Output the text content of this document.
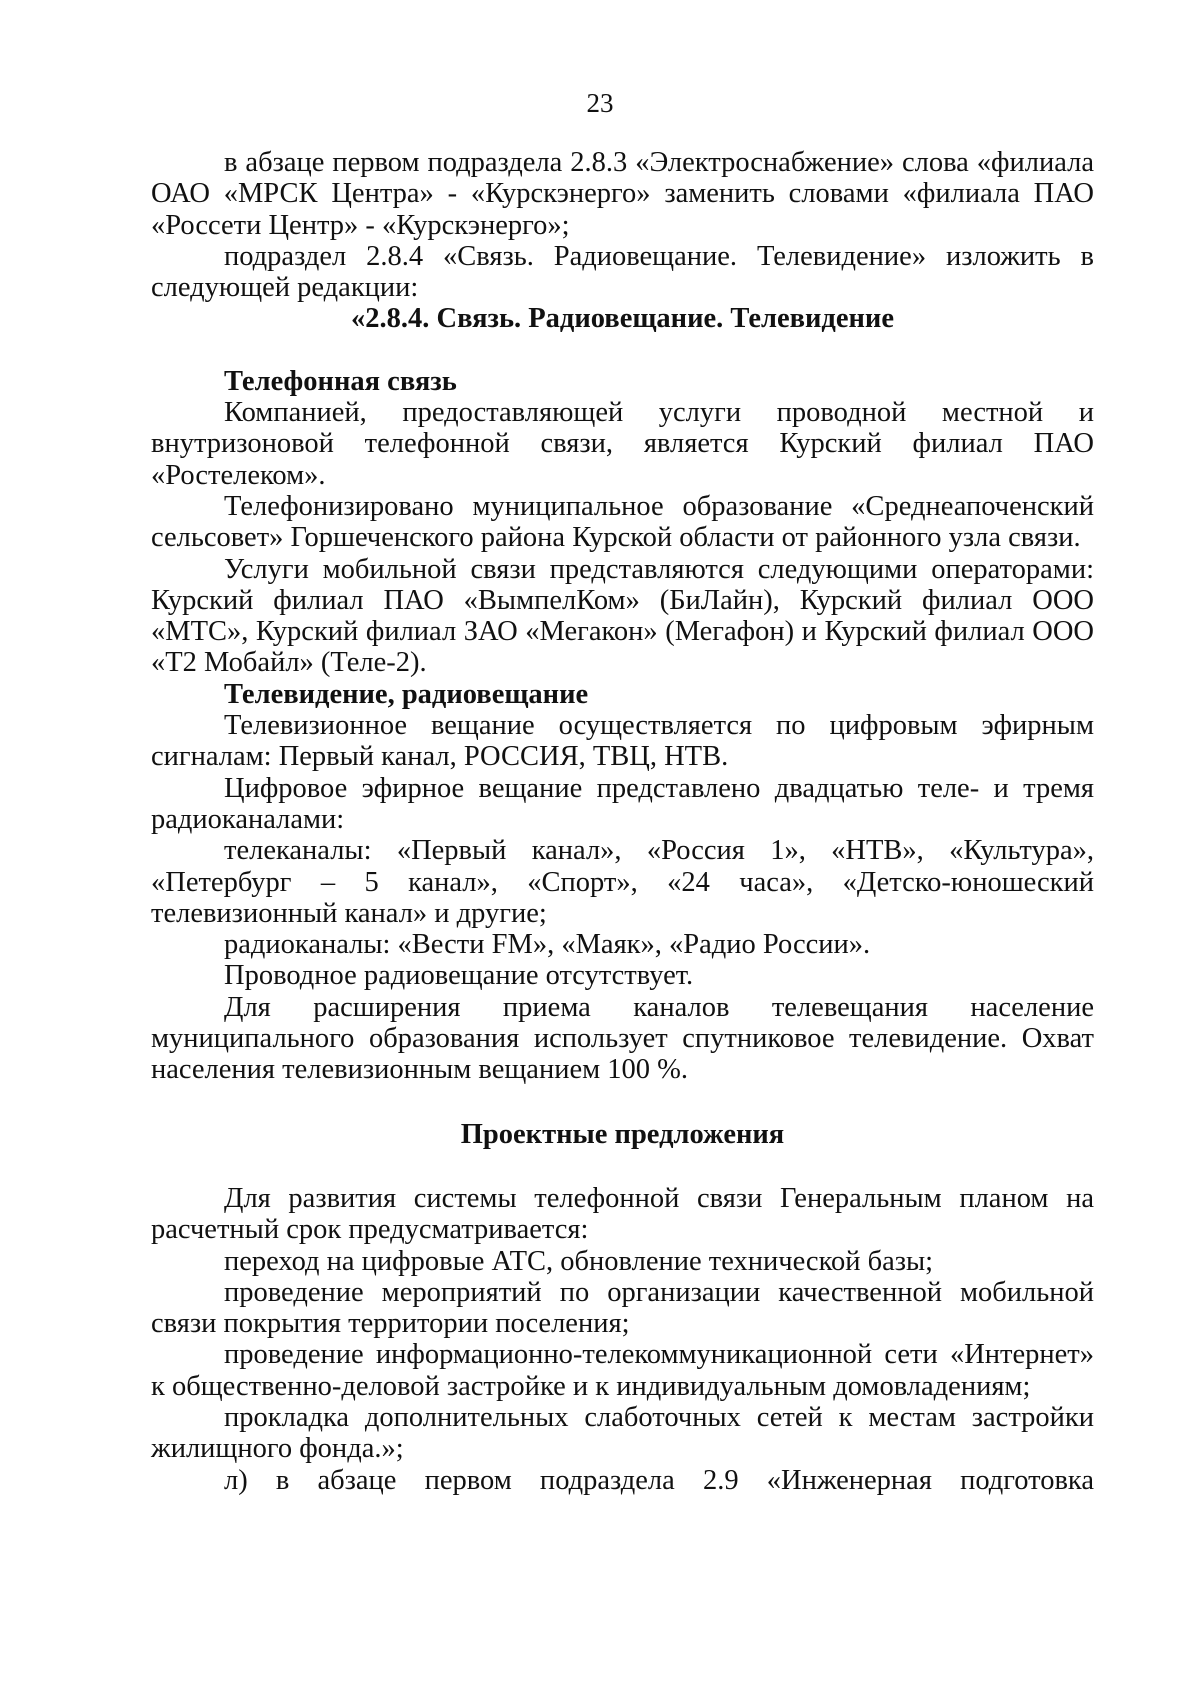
23

в абзаце первом подраздела 2.8.3 «Электроснабжение» слова «филиала ОАО «МРСК Центра» - «Курскэнерго» заменить словами «филиала ПАО «Россети Центр» - «Курскэнерго»;

подраздел 2.8.4 «Связь. Радиовещание. Телевидение» изложить в следующей редакции:

«2.8.4. Связь. Радиовещание. Телевидение

Телефонная связь

Компанией, предоставляющей услуги проводной местной и внутризоновой телефонной связи, является Курский филиал ПАО «Ростелеком».

Телефонизировано муниципальное образование «Среднеапоченский сельсовет» Горшеченского района Курской области от районного узла связи.

Услуги мобильной связи представляются следующими операторами: Курский филиал ПАО «ВымпелКом» (БиЛайн), Курский филиал ООО «МТС», Курский филиал ЗАО «Мегакон» (Мегафон) и Курский филиал ООО «Т2 Мобайл» (Теле-2).

Телевидение, радиовещание

Телевизионное вещание осуществляется по цифровым эфирным сигналам: Первый канал, РОССИЯ, ТВЦ, НТВ.

Цифровое эфирное вещание представлено двадцатью теле- и тремя радиоканалами:

телеканалы: «Первый канал», «Россия 1», «НТВ», «Культура», «Петербург – 5 канал», «Спорт», «24 часа», «Детско-юношеский телевизионный канал» и другие;

радиоканалы: «Вести FM», «Маяк», «Радио России».

Проводное радиовещание отсутствует.

Для расширения приема каналов телевещания население муниципального образования использует спутниковое телевидение. Охват населения телевизионным вещанием 100 %.

Проектные предложения

Для развития системы телефонной связи Генеральным планом на расчетный срок предусматривается:

переход на цифровые АТС, обновление технической базы;

проведение мероприятий по организации качественной мобильной связи покрытия территории поселения;

проведение информационно-телекоммуникационной сети «Интернет» к общественно-деловой застройке и к индивидуальным домовладениям;

прокладка дополнительных слаботочных сетей к местам застройки жилищного фонда.»;

л) в абзаце первом подраздела 2.9 «Инженерная подготовка
